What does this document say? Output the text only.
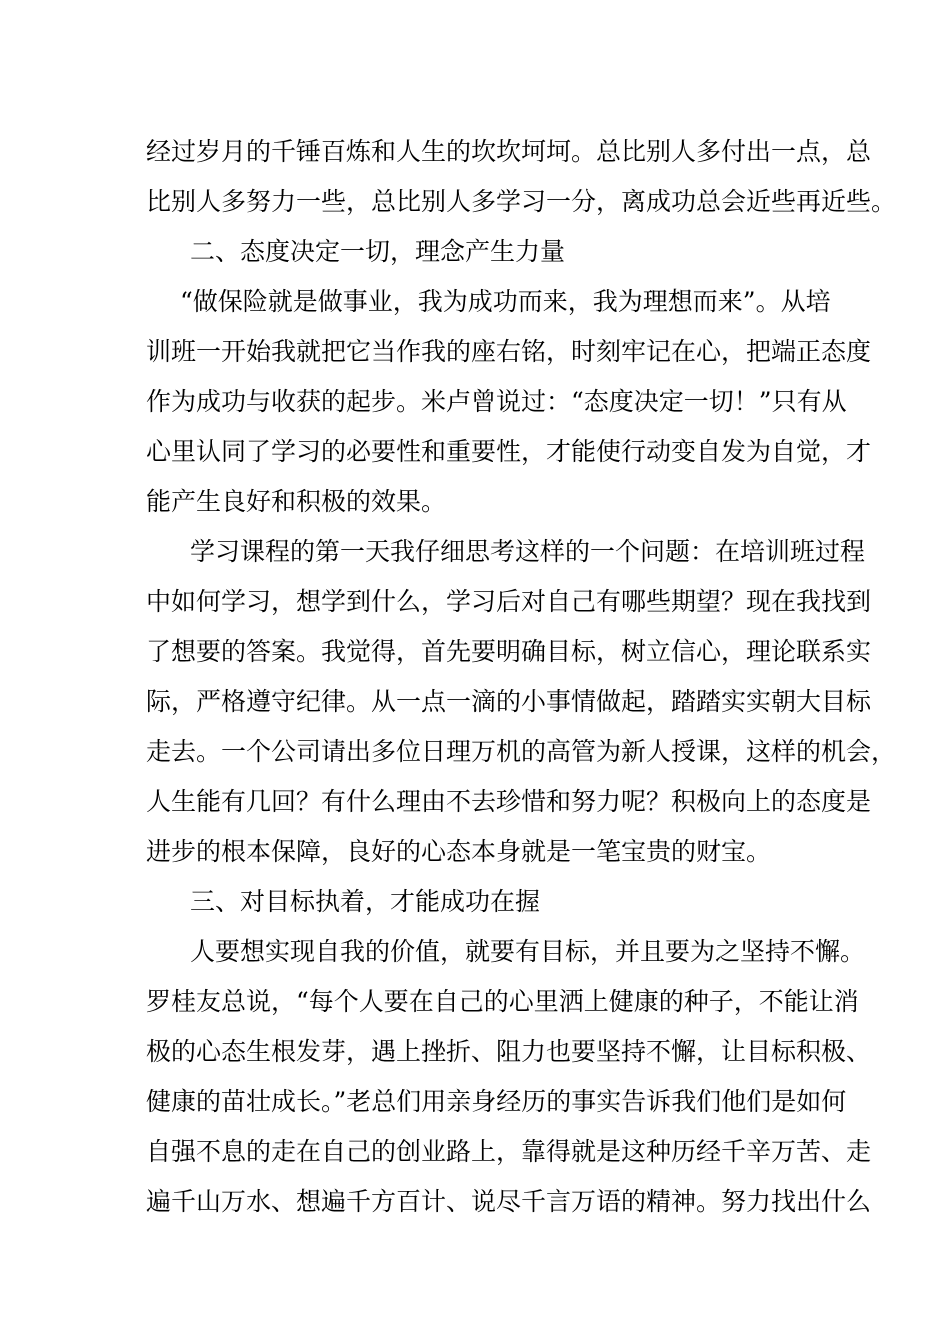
经过岁月的千锤百炼和人生的坎坎坷坷。总比别人多付出一点，总

比别人多努力一些，总比别人多学习一分，离成功总会近些再近些。

二、态度决定一切，理念产生力量

“做保险就是做事业，我为成功而来，我为理想而来”。从培

训班一开始我就把它当作我的座右铭，时刻牢记在心，把端正态度

作为成功与收获的起步。米卢曾说过：“态度决定一切！”只有从

心里认同了学习的必要性和重要性，才能使行动变自发为自觉，才

能产生良好和积极的效果。

学习课程的第一天我仔细思考这样的一个问题：在培训班过程

中如何学习，想学到什么，学习后对自己有哪些期望？现在我找到

了想要的答案。我觉得，首先要明确目标，树立信心，理论联系实

际，严格遵守纪律。从一点一滴的小事情做起，踏踏实实朝大目标

走去。一个公司请出多位日理万机的高管为新人授课，这样的机会，

人生能有几回？有什么理由不去珍惜和努力呢？积极向上的态度是

进步的根本保障，良好的心态本身就是一笔宝贵的财宝。

三、对目标执着，才能成功在握

人要想实现自我的价值，就要有目标，并且要为之坚持不懈。

罗桂友总说，“每个人要在自己的心里洒上健康的种子，不能让消

极的心态生根发芽，遇上挫折、阻力也要坚持不懈，让目标积极、

健康的苗壮成长。”老总们用亲身经历的事实告诉我们他们是如何

自强不息的走在自己的创业路上，靠得就是这种历经千辛万苦、走

遍千山万水、想遍千方百计、说尽千言万语的精神。努力找出什么
